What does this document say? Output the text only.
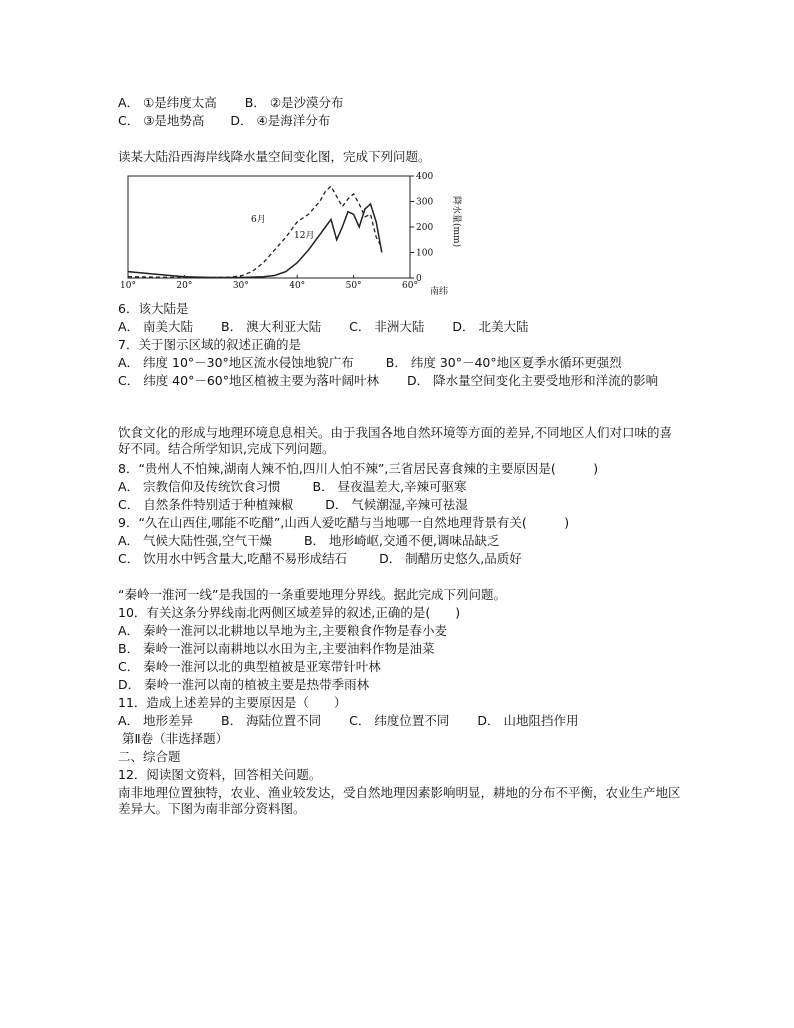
A． ①是纬度太高 B． ②是沙漠分布
C． ③是地势高 D． ④是海洋分布
读某大陆沿西海岸线降水量空间变化图，完成下列问题。
10°	20°	30°	40°	50°	60°
0
100
200
300
400
6月
12月
南纬
降水量(mm)
6．该大陆是
A． 南美大陆 B． 澳大利亚大陆 C． 非洲大陆 D． 北美大陆
7．关于图示区域的叙述正确的是
A． 纬度 10°－30°地区流水侵蚀地貌广布	B． 纬度 30°－40°地区夏季水循环更强烈
C． 纬度 40°－60°地区植被主要为落叶阔叶林 D． 降水量空间变化主要受地形和洋流的影响
饮食文化的形成与地理环境息息相关。由于我国各地自然环境等方面的差异,不同地区人们对口味的喜好不同。结合所学知识,完成下列问题。
8．“贵州人不怕辣,湖南人辣不怕,四川人怕不辣”,三省居民喜食辣的主要原因是(　　　)
A． 宗教信仰及传统饮食习惯	B． 昼夜温差大,辛辣可驱寒
C． 自然条件特别适于种植辣椒	D． 气候潮湿,辛辣可祛湿
9．“久在山西住,哪能不吃醋”,山西人爱吃醋与当地哪一自然地理背景有关(　　　)
A． 气候大陆性强,空气干燥	B． 地形崎岖,交通不便,调味品缺乏
C． 饮用水中钙含量大,吃醋不易形成结石	D． 制醋历史悠久,品质好
“秦岭一淮河一线”是我国的一条重要地理分界线。据此完成下列问题。
10．有关这条分界线南北两侧区域差异的叙述,正确的是(　　)
A． 秦岭一淮河以北耕地以旱地为主,主要粮食作物是春小麦
B． 秦岭一淮河以南耕地以水田为主,主要油料作物是油菜
C． 秦岭一淮河以北的典型植被是亚寒带针叶林
D． 秦岭一淮河以南的植被主要是热带季雨林
11．造成上述差异的主要原因是（　　）
A． 地形差异 B． 海陆位置不同 C． 纬度位置不同 D． 山地阻挡作用
第Ⅱ卷（非选择题）
二、综合题
12．阅读图文资料，回答相关问题。
南非地理位置独特，农业、渔业较发达，受自然地理因素影响明显，耕地的分布不平衡，农业生产地区差异大。下图为南非部分资料图。
